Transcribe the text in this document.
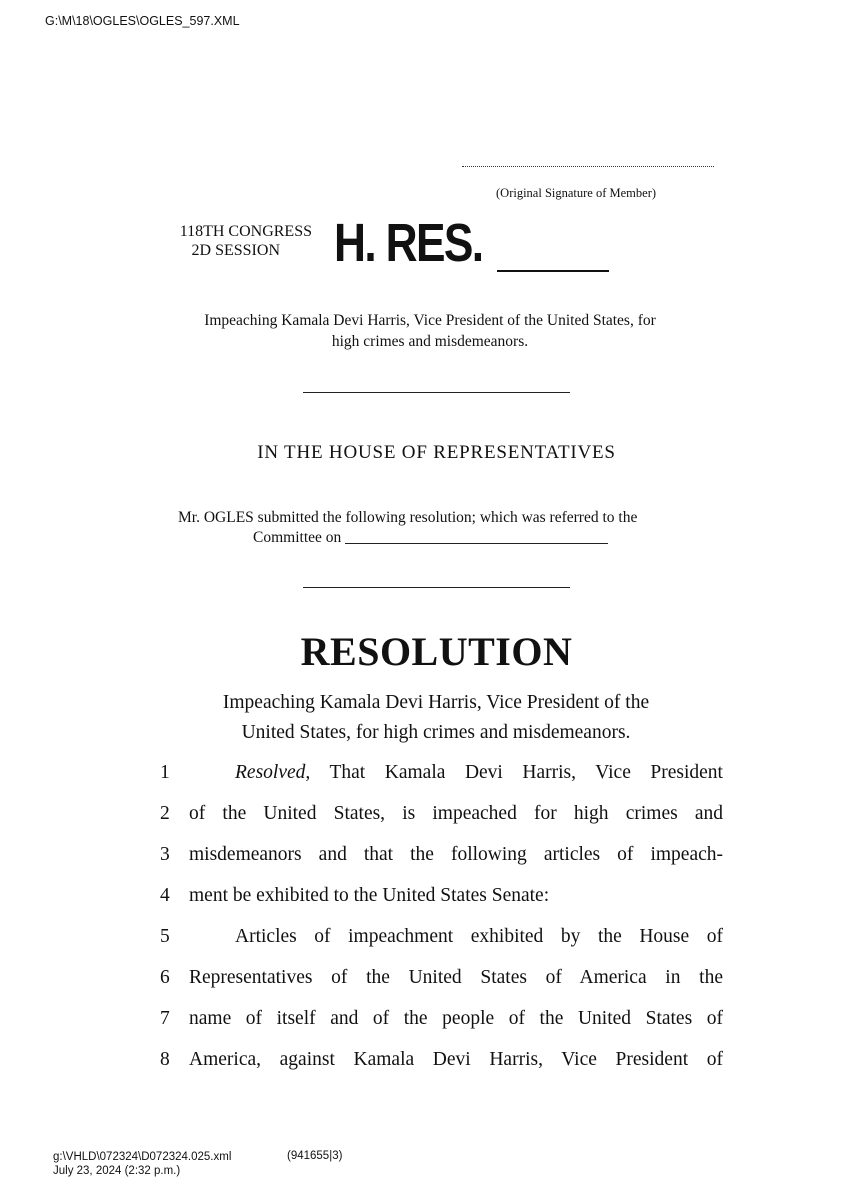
G:\M\18\OGLES\OGLES_597.XML
(Original Signature of Member)
118TH CONGRESS
2D SESSION	H. RES.
Impeaching Kamala Devi Harris, Vice President of the United States, for
high crimes and misdemeanors.
IN THE HOUSE OF REPRESENTATIVES
Mr. OGLES submitted the following resolution; which was referred to the
Committee on
RESOLUTION
Impeaching Kamala Devi Harris, Vice President of the
United States, for high crimes and misdemeanors.
1	Resolved, That Kamala Devi Harris, Vice President
2 of the United States, is impeached for high crimes and
3 misdemeanors and that the following articles of impeach-
4 ment be exhibited to the United States Senate:
5	Articles of impeachment exhibited by the House of
6 Representatives of the United States of America in the
7 name of itself and of the people of the United States of
8 America, against Kamala Devi Harris, Vice President of
g:\VHLD\072324\D072324.025.xml
July 23, 2024 (2:32 p.m.)
(941655|3)
